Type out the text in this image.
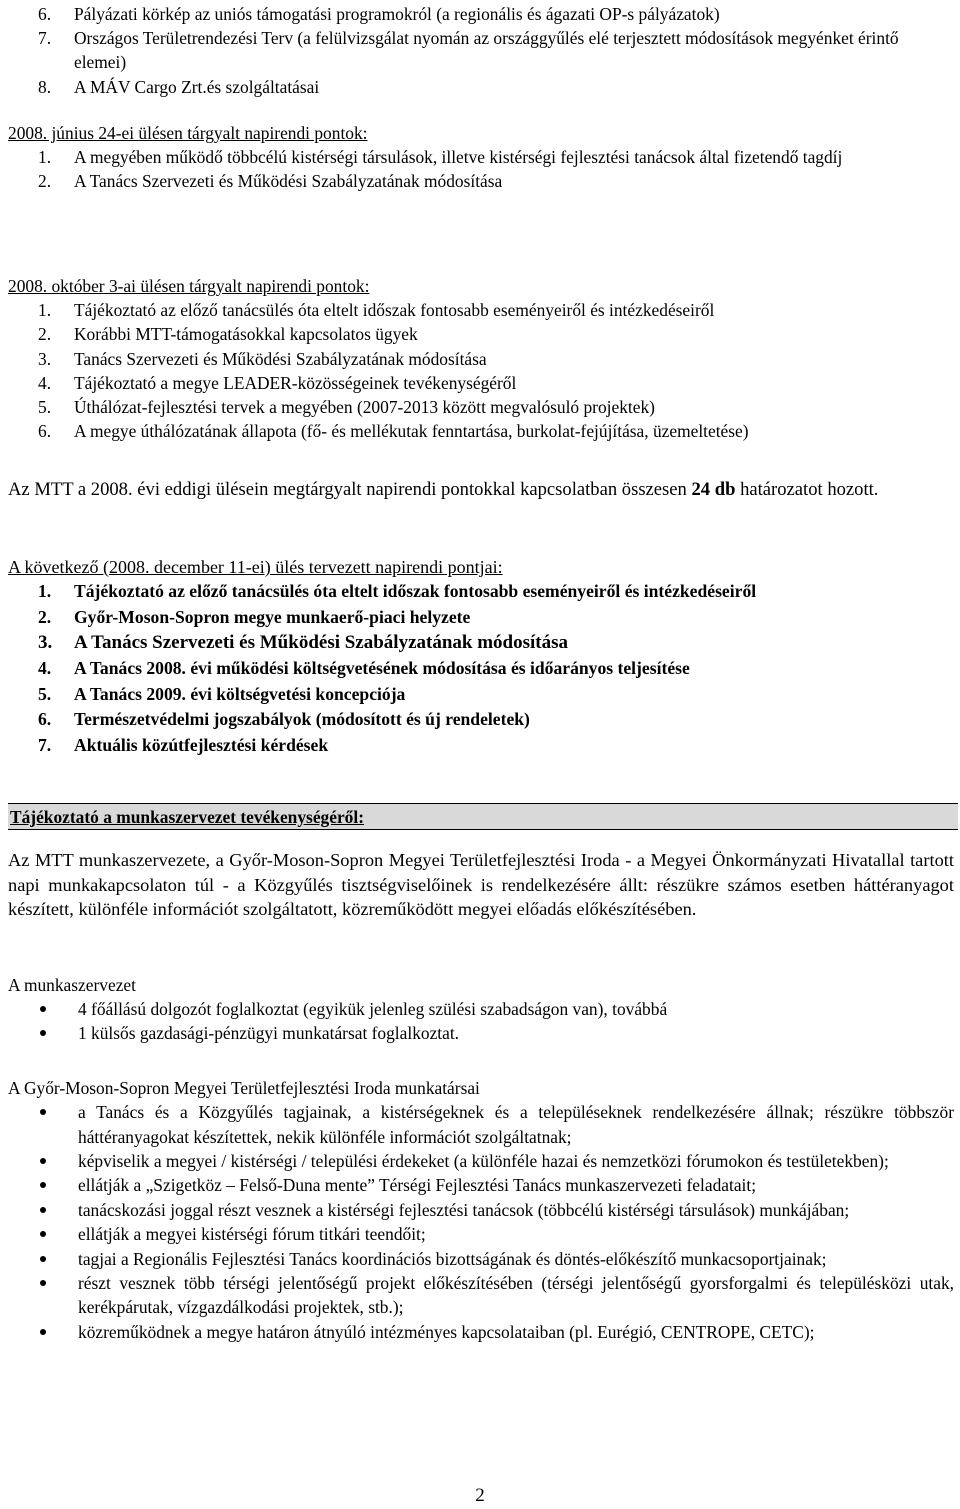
6. Pályázati körkép az uniós támogatási programokról (a regionális és ágazati OP-s pályázatok)
7. Országos Területrendezési Terv (a felülvizsgálat nyomán az országgyűlés elé terjesztett módosítások megyénket érintő elemei)
8. A MÁV Cargo Zrt.és szolgáltatásai
2008. június 24-ei ülésen tárgyalt napirendi pontok:
1. A megyében működő többcélú kistérségi társulások, illetve kistérségi fejlesztési tanácsok által fizetendő tagdíj
2. A Tanács Szervezeti és Működési Szabályzatának módosítása
2008. október 3-ai ülésen tárgyalt napirendi pontok:
1. Tájékoztató az előző tanácsülés óta eltelt időszak fontosabb eseményeiről és intézkedéseiről
2. Korábbi MTT-támogatásokkal kapcsolatos ügyek
3. Tanács Szervezeti és Működési Szabályzatának módosítása
4. Tájékoztató a megye LEADER-közösségeinek tevékenységéről
5. Úthálózat-fejlesztési tervek a megyében (2007-2013 között megvalósuló projektek)
6. A megye úthálózatának állapota (fő- és mellékutak fenntartása, burkolat-fejújítása, üzemeltetése)
Az MTT a 2008. évi eddigi ülésein megtárgyalt napirendi pontokkal kapcsolatban összesen 24 db határozatot hozott.
A következő (2008. december 11-ei) ülés tervezett napirendi pontjai:
1. Tájékoztató az előző tanácsülés óta eltelt időszak fontosabb eseményeiről és intézkedéseiről
2. Győr-Moson-Sopron megye munkaerő-piaci helyzete
3. A Tanács Szervezeti és Működési Szabályzatának módosítása
4. A Tanács 2008. évi működési költségvetésének módosítása és időarányos teljesítése
5. A Tanács 2009. évi költségvetési koncepciója
6. Természetvédelmi jogszabályok (módosított és új rendeletek)
7. Aktuális közútfejlesztési kérdések
Tájékoztató a munkaszervezet tevékenységéről:
Az MTT munkaszervezete, a Győr-Moson-Sopron Megyei Területfejlesztési Iroda - a Megyei Önkormányzati Hivatallal tartott napi munkakapcsolaton túl - a Közgyűlés tisztségviselőinek is rendelkezésére állt: részükre számos esetben háttéranyagot készített, különféle információt szolgáltatott, közreműködött megyei előadás előkészítésében.
A munkaszervezet
4 főállású dolgozót foglalkoztat (egyikük jelenleg szülési szabadságon van), továbbá
1 külsős gazdasági-pénzügyi munkatársat foglalkoztat.
A Győr-Moson-Sopron Megyei Területfejlesztési Iroda munkatársai
a Tanács és a Közgyűlés tagjainak, a kistérségeknek és a településeknek rendelkezésére állnak; részükre többször háttéranyagokat készítettek, nekik különféle információt szolgáltatnak;
képviselik a megyei / kistérségi / települési érdekeket (a különféle hazai és nemzetközi fórumokon és testületekben);
ellátják a „Szigetköz – Felső-Duna mente” Térségi Fejlesztési Tanács munkaszervezeti feladatait;
tanácskozási joggal részt vesznek a kistérségi fejlesztési tanácsok (többcélú kistérségi társulások) munkájában;
ellátják a megyei kistérségi fórum titkári teendőit;
tagjai a Regionális Fejlesztési Tanács koordinációs bizottságának és döntés-előkészítő munkacsoportjainak;
részt vesznek több térségi jelentőségű projekt előkészítésében (térségi jelentőségű gyorsforgalmi és településközi utak, kerékpárutak, vízgazdálkodási projektek, stb.);
közreműködnek a megye határon átnyúló intézményes kapcsolataiban (pl. Eurégió, CENTROPE, CETC);
2
